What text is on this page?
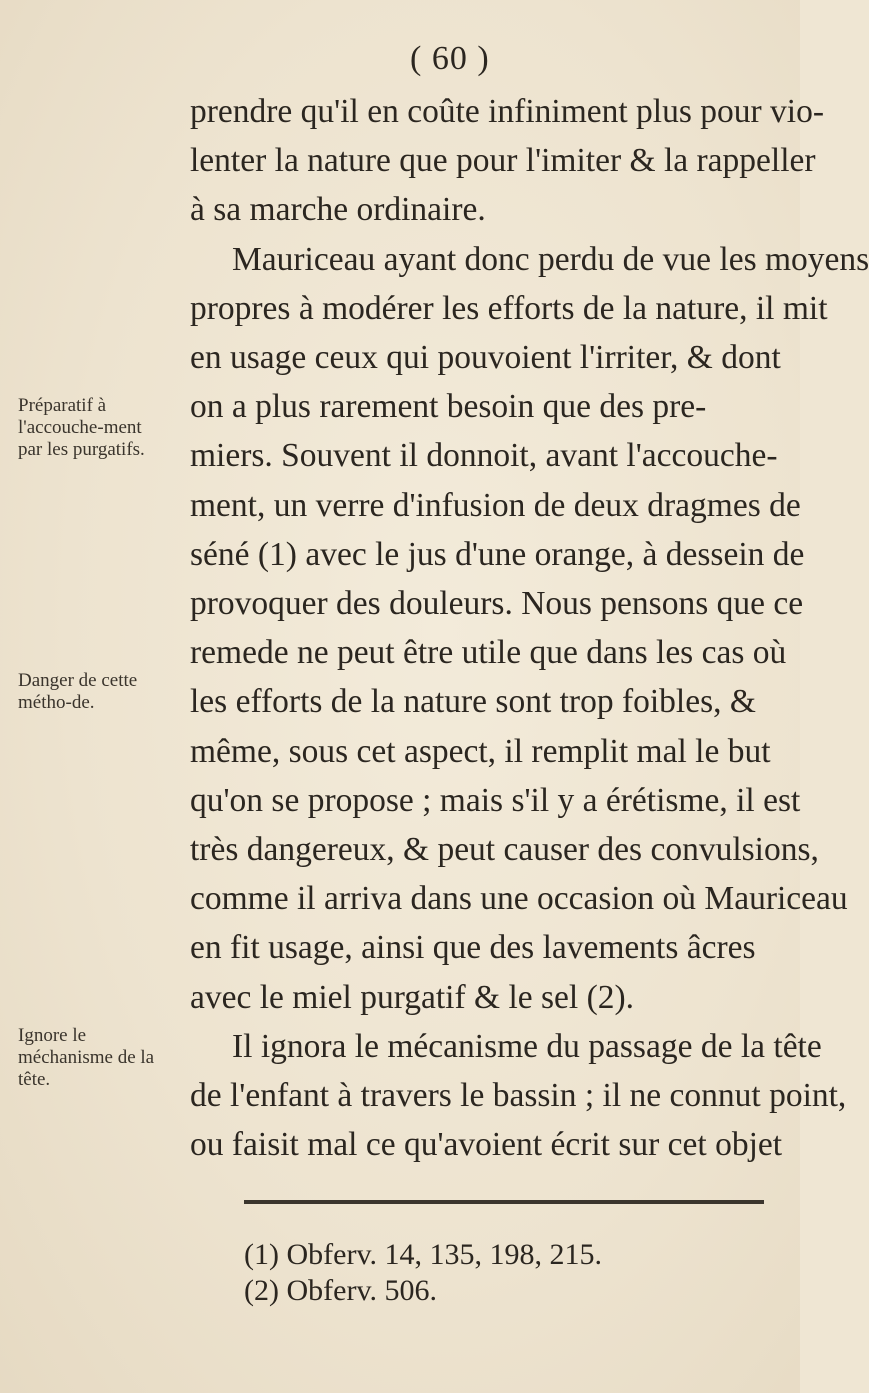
( 60 )
prendre qu'il en coûte infiniment plus pour vio-
lenter la nature que pour l'imiter & la rappeller
à sa marche ordinaire.
Mauriceau ayant donc perdu de vue les moyens
propres à modérer les efforts de la nature, il mit
en usage ceux qui pouvoient l'irriter, & dont
on a plus rarement besoin que des pre-
miers. Souvent il donnoit, avant l'accouche-
ment, un verre d'infusion de deux dragmes de
séné (1) avec le jus d'une orange, à dessein de
provoquer des douleurs. Nous pensons que ce
remede ne peut être utile que dans les cas où
les efforts de la nature sont trop foibles, &
même, sous cet aspect, il remplit mal le but
qu'on se propose ; mais s'il y a érétisme, il est
très dangereux, & peut causer des convulsions,
comme il arriva dans une occasion où Mauriceau
Préparatif à l'accouche-ment par les purgatifs.
Danger de cette métho-de.
(1) Obferv. 14, 135, 198, 215.
(2) Obferv. 506.
en fit usage, ainsi que des lavements âcres
avec le miel purgatif & le sel (2).
Il ignora le mécanisme du passage de la tête
de l'enfant à travers le bassin ; il ne connut point,
ou faisit mal ce qu'avoient écrit sur cet objet
Ignore le méchanisme de la tête.
